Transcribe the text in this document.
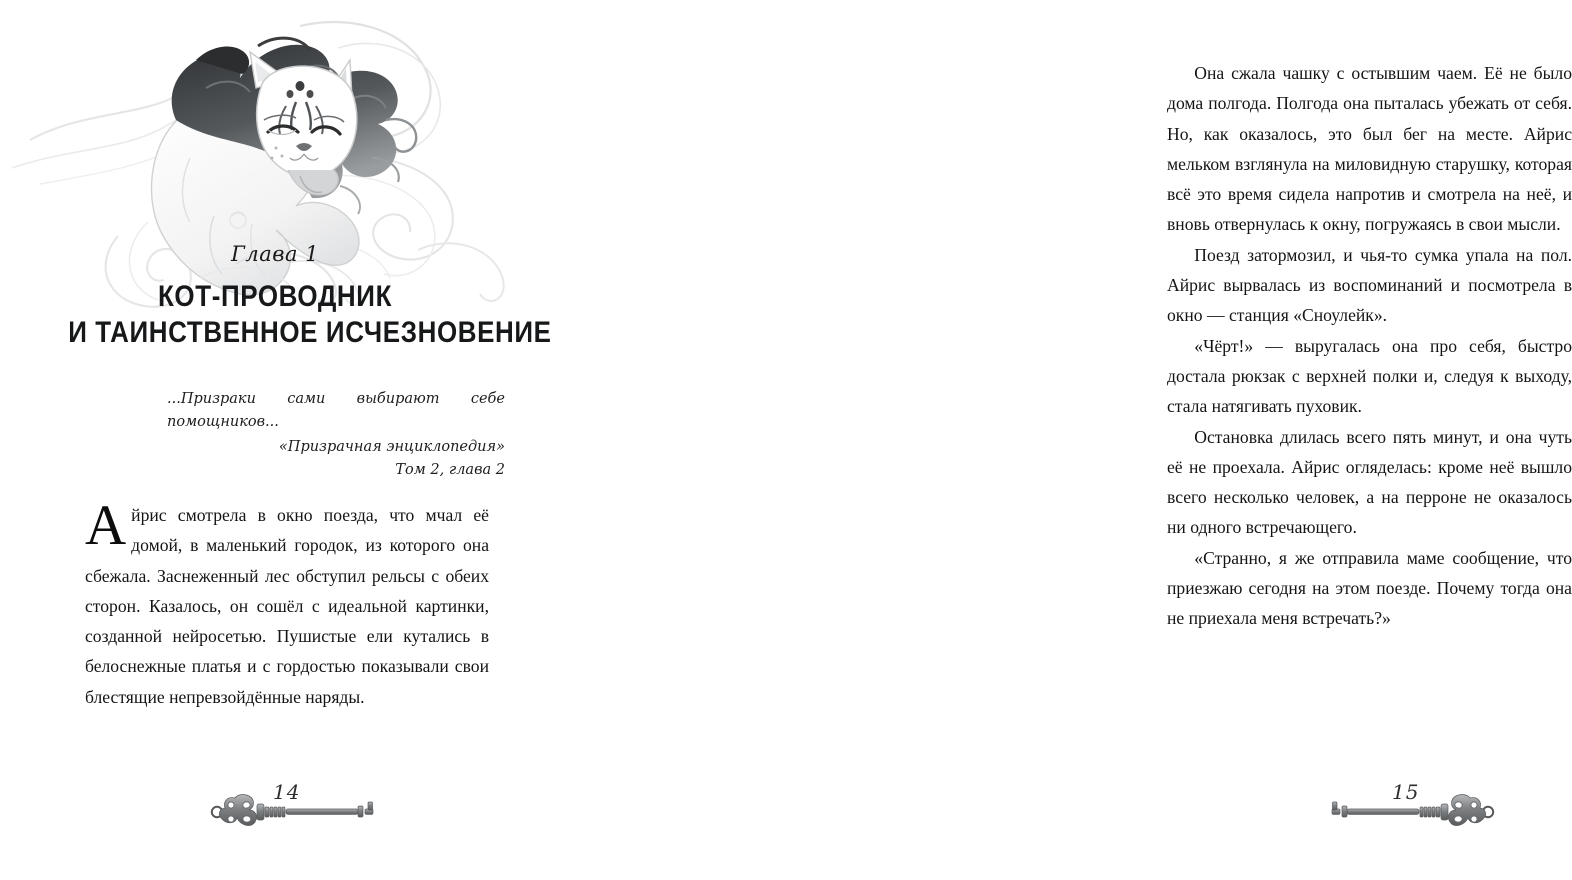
Глава 1
КОТ-ПРОВОДНИК
И ТАИНСТВЕННОЕ ИСЧЕЗНОВЕНИЕ
...Призраки сами выбирают себе помощников...
«Призрачная энциклопедия»
Том 2, глава 2

Айрис смотрела в окно поезда, что мчал её домой, в маленький городок, из которого она сбежала. Заснеженный лес обступил рельсы с обеих сторон. Казалось, он сошёл с идеальной картинки, созданной нейросетью. Пушистые ели кутались в белоснежные платья и с гордостью показывали свои блестящие непревзойдённые наряды.

14

Она сжала чашку с остывшим чаем. Её не было дома полгода. Полгода она пыталась убежать от себя. Но, как оказалось, это был бег на месте. Айрис мельком взглянула на миловидную старушку, которая всё это время сидела напротив и смотрела на неё, и вновь отвернулась к окну, погружаясь в свои мысли.

Поезд затормозил, и чья-то сумка упала на пол. Айрис вырвалась из воспоминаний и посмотрела в окно — станция «Сноулейк».

«Чёрт!» — выругалась она про себя, быстро достала рюкзак с верхней полки и, следуя к выходу, стала натягивать пуховик.

Остановка длилась всего пять минут, и она чуть её не проехала. Айрис огляделась: кроме неё вышло всего несколько человек, а на перроне не оказалось ни одного встречающего.

«Странно, я же отправила маме сообщение, что приезжаю сегодня на этом поезде. Почему тогда она не приехала меня встречать?»

15
